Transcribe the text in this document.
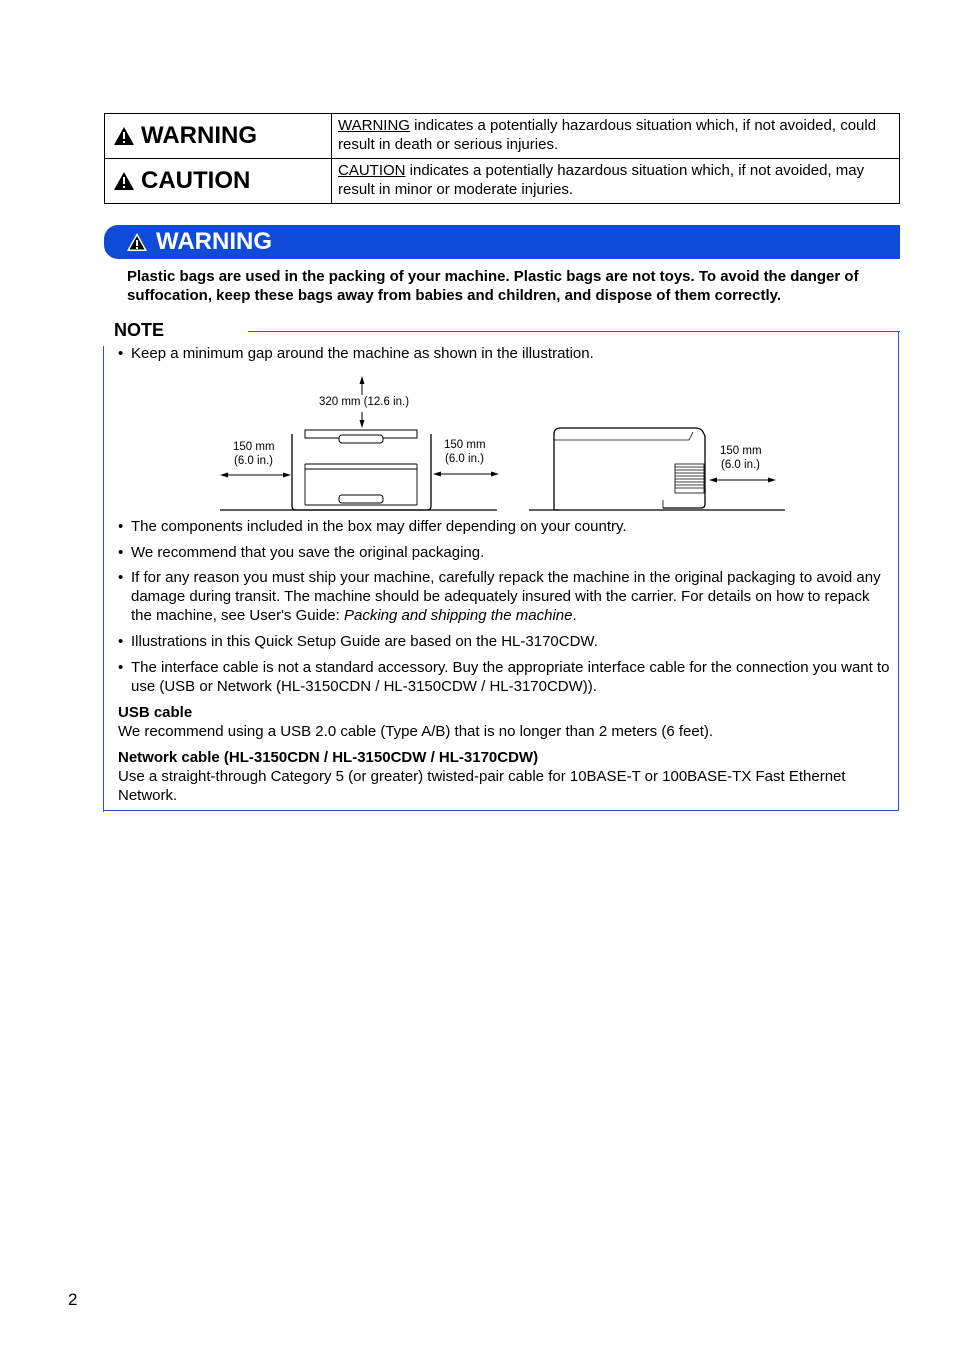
WARNING	WARNING indicates a potentially hazardous situation which, if not avoided, could result in death or serious injuries.

CAUTION	CAUTION indicates a potentially hazardous situation which, if not avoided, may result in minor or moderate injuries.
WARNING
Plastic bags are used in the packing of your machine. Plastic bags are not toys. To avoid the danger of suffocation, keep these bags away from babies and children, and dispose of them correctly.
NOTE
• Keep a minimum gap around the machine as shown in the illustration.
320 mm (12.6 in.)
150 mm
(6.0 in.)
150 mm
(6.0 in.)
150 mm
(6.0 in.)
• The components included in the box may differ depending on your country.
• We recommend that you save the original packaging.
• If for any reason you must ship your machine, carefully repack the machine in the original packaging to avoid any damage during transit. The machine should be adequately insured with the carrier. For details on how to repack the machine, see User's Guide: Packing and shipping the machine.
• Illustrations in this Quick Setup Guide are based on the HL-3170CDW.
• The interface cable is not a standard accessory. Buy the appropriate interface cable for the connection you want to use (USB or Network (HL-3150CDN / HL-3150CDW / HL-3170CDW)).
USB cable
We recommend using a USB 2.0 cable (Type A/B) that is no longer than 2 meters (6 feet).
Network cable (HL-3150CDN / HL-3150CDW / HL-3170CDW)
Use a straight-through Category 5 (or greater) twisted-pair cable for 10BASE-T or 100BASE-TX Fast Ethernet Network.
2
